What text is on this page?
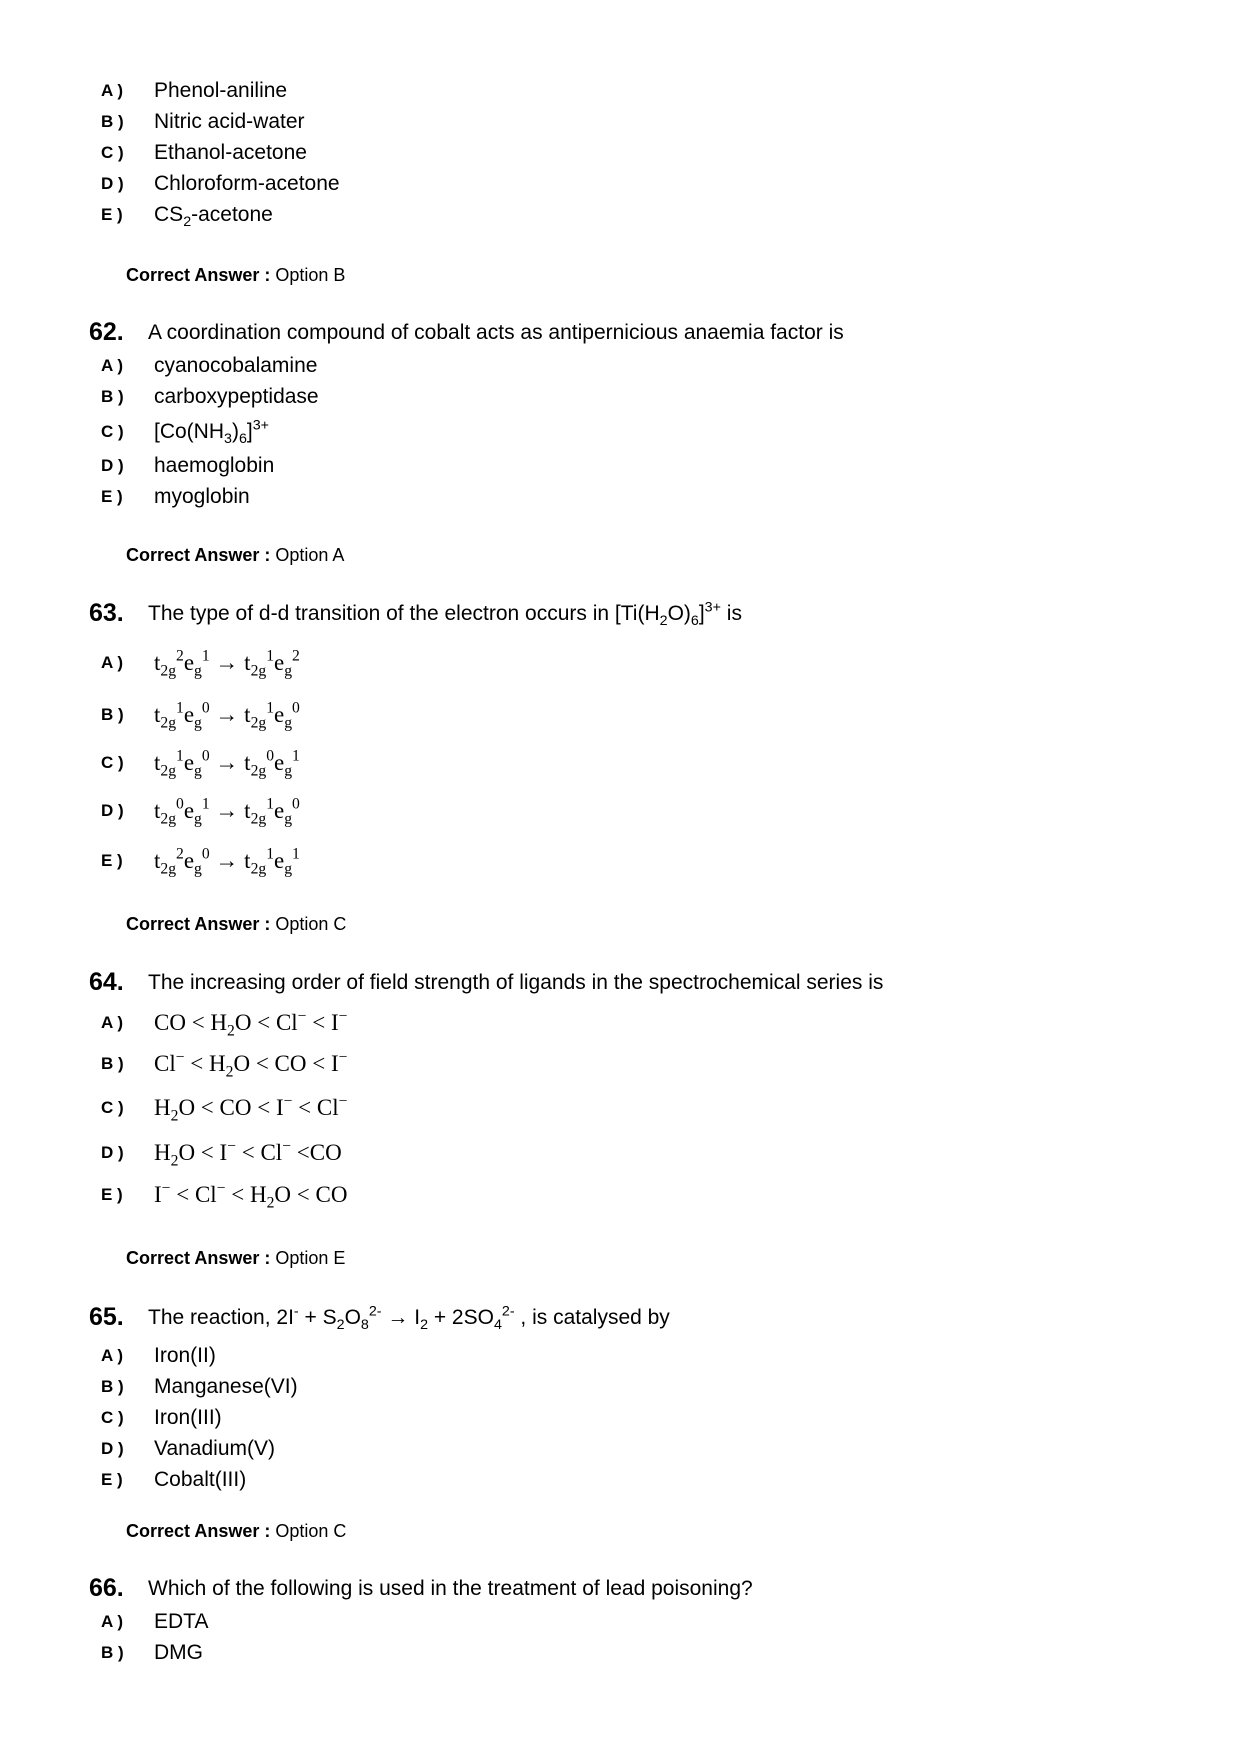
A ) Phenol-aniline
B ) Nitric acid-water
C ) Ethanol-acetone
D ) Chloroform-acetone
E ) $CS_2$-acetone
Correct Answer : Option B
62. A coordination compound of cobalt acts as antipernicious anaemia factor is
A ) cyanocobalamine
B ) carboxypeptidase
C ) $[Co(NH_3)_6]^{3+}$
D ) haemoglobin
E ) myoglobin
Correct Answer : Option A
63. The type of d-d transition of the electron occurs in $[Ti(H_2O)_6]^{3+}$ is
A ) $t_{2g}^2e_g^1 \to t_{2g}^1e_g^2$
B ) $t_{2g}^1e_g^0 \to t_{2g}^1e_g^0$
C ) $t_{2g}^1e_g^0 \to t_{2g}^0e_g^1$
D ) $t_{2g}^0e_g^1 \to t_{2g}^1e_g^0$
E ) $t_{2g}^2e_g^0 \to t_{2g}^1e_g^1$
Correct Answer : Option C
64. The increasing order of field strength of ligands in the spectrochemical series is
A ) CO < $H_2O < Cl^- < I^-$
B ) $Cl^- < H_2O$ < CO < I−
C ) $H_2O$ < CO < I− < Cl−
D ) $H_2O < I^- < Cl^- <CO$
E ) $I^- < Cl^- < H_2O$ < CO
Correct Answer : Option E
65. The reaction, $2I^- + S_2O_8^{2-} \to I_2 + 2SO_4^{2-}$ , is catalysed by
A ) Iron(II)
B ) Manganese(VI)
C ) Iron(III)
D ) Vanadium(V)
E ) Cobalt(III)
Correct Answer : Option C
66. Which of the following is used in the treatment of lead poisoning?
A ) EDTA
B ) DMG
